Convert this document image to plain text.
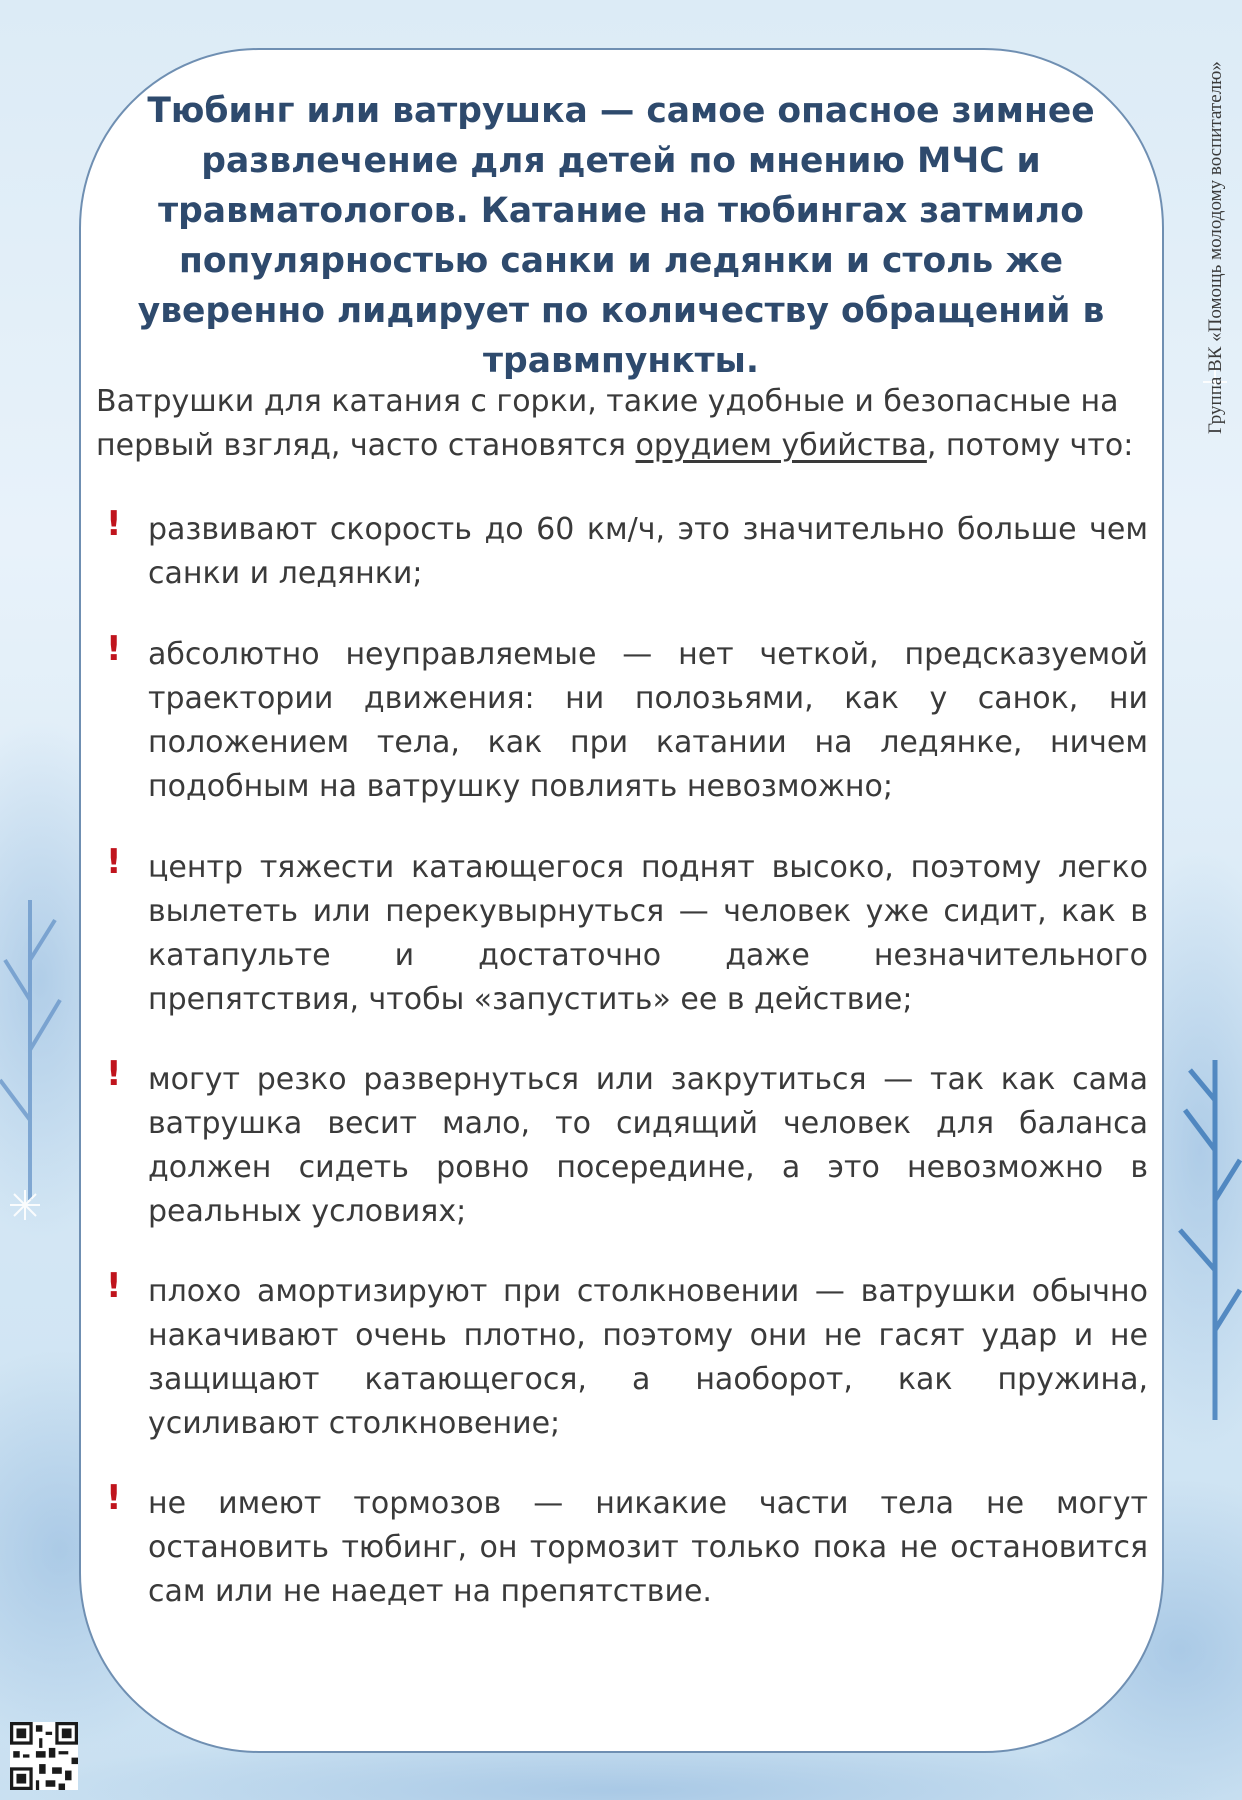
Тюбинг или ватрушка — самое опасное зимнее развлечение для детей по мнению МЧС и травматологов. Катание на тюбингах затмило популярностью санки и ледянки и столь же уверенно лидирует по количеству обращений в травмпункты.

Ватрушки для катания с горки, такие удобные и безопасные на первый взгляд, часто становятся орудием убийства, потому что:

! развивают скорость до 60 км/ч, это значительно больше чем санки и ледянки;

! абсолютно неуправляемые — нет четкой, предсказуемой траектории движения: ни полозьями, как у санок, ни положением тела, как при катании на ледянке, ничем подобным на ватрушку повлиять невозможно;

! центр тяжести катающегося поднят высоко, поэтому легко вылететь или перекувырнуться — человек уже сидит, как в катапульте и достаточно даже незначительного препятствия, чтобы «запустить» ее в действие;

! могут резко развернуться или закрутиться — так как сама ватрушка весит мало, то сидящий человек для баланса должен сидеть ровно посередине, а это невозможно в реальных условиях;

! плохо амортизируют при столкновении — ватрушки обычно накачивают очень плотно, поэтому они не гасят удар и не защищают катающегося, а наоборот, как пружина, усиливают столкновение;

! не имеют тормозов — никакие части тела не могут остановить тюбинг, он тормозит только пока не остановится сам или не наедет на препятствие.

Группа ВК «Помощь молодому воспитателю»
